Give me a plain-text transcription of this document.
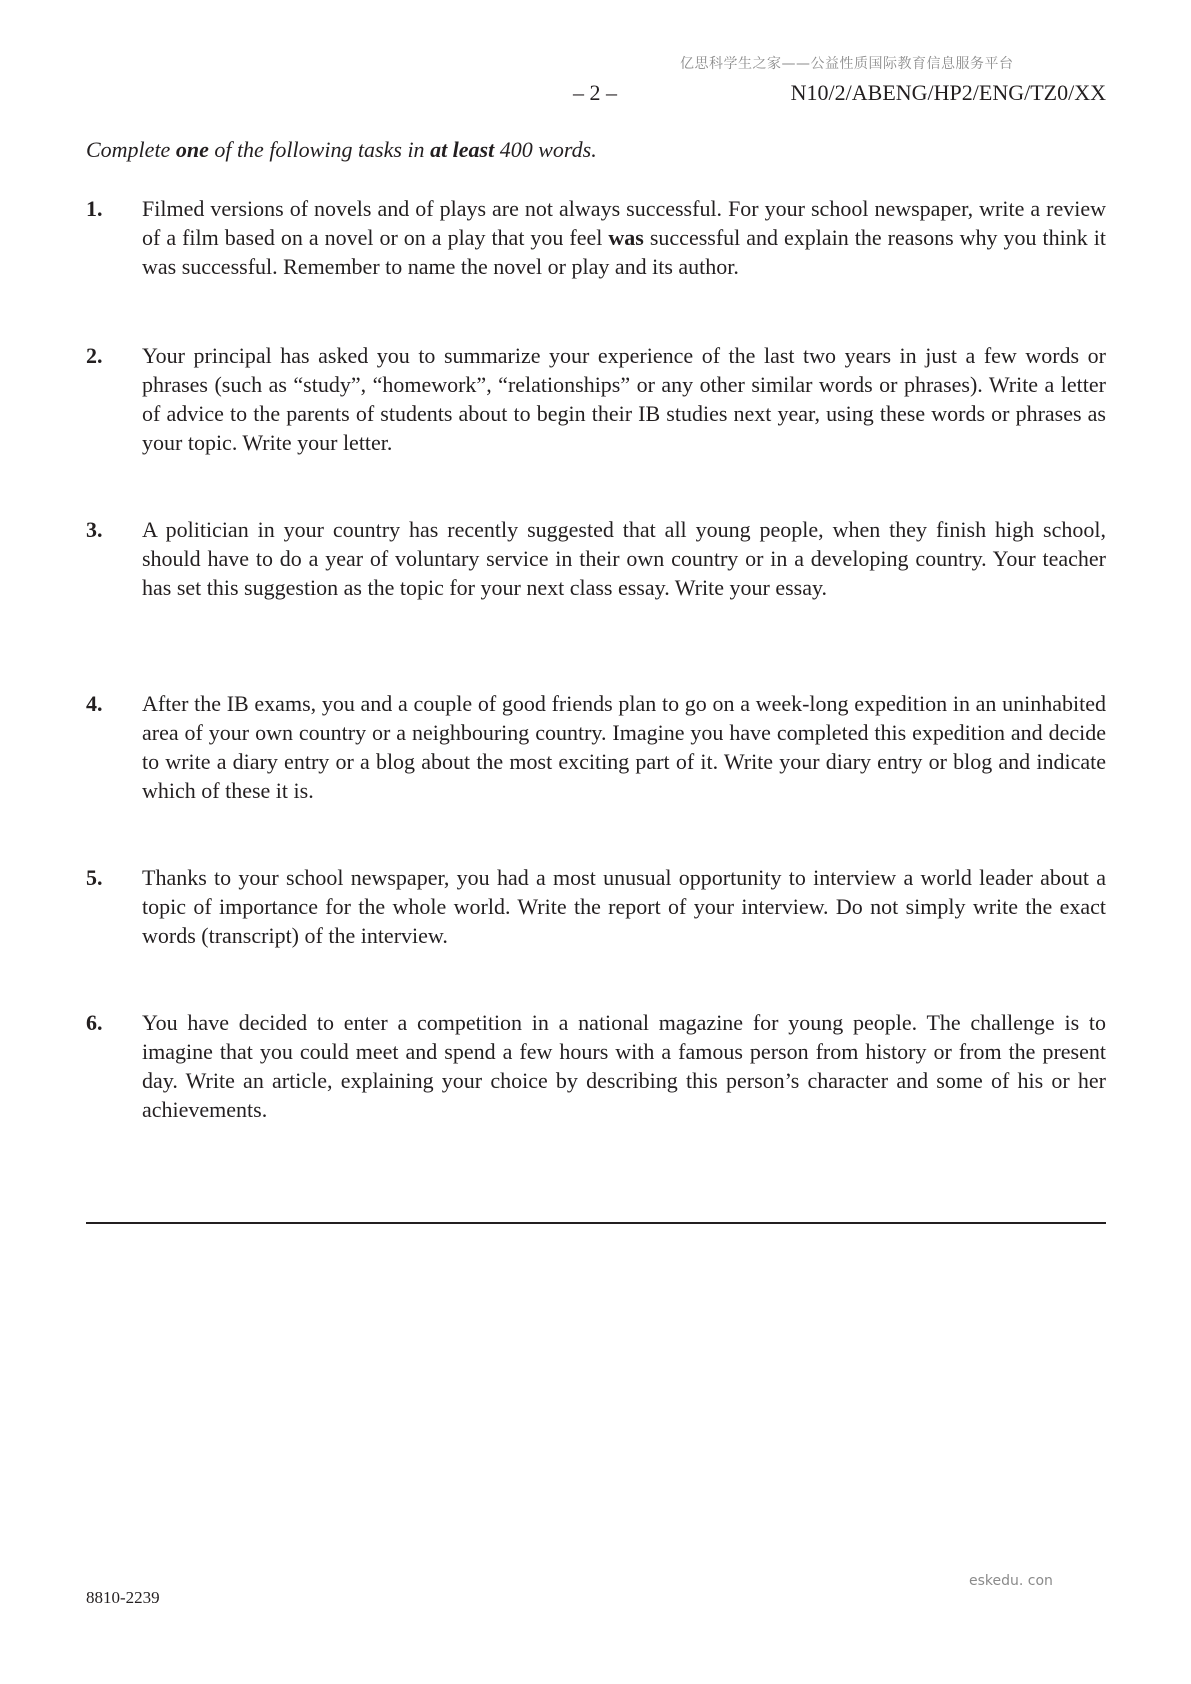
亿思科学生之家——公益性质国际教育信息服务平台
– 2 –	N10/2/ABENG/HP2/ENG/TZ0/XX
Complete one of the following tasks in at least 400 words.
1. Filmed versions of novels and of plays are not always successful. For your school newspaper, write a review of a film based on a novel or on a play that you feel was successful and explain the reasons why you think it was successful. Remember to name the novel or play and its author.
2. Your principal has asked you to summarize your experience of the last two years in just a few words or phrases (such as “study”, “homework”, “relationships” or any other similar words or phrases). Write a letter of advice to the parents of students about to begin their IB studies next year, using these words or phrases as your topic. Write your letter.
3. A politician in your country has recently suggested that all young people, when they finish high school, should have to do a year of voluntary service in their own country or in a developing country. Your teacher has set this suggestion as the topic for your next class essay. Write your essay.
4. After the IB exams, you and a couple of good friends plan to go on a week-long expedition in an uninhabited area of your own country or a neighbouring country. Imagine you have completed this expedition and decide to write a diary entry or a blog about the most exciting part of it. Write your diary entry or blog and indicate which of these it is.
5. Thanks to your school newspaper, you had a most unusual opportunity to interview a world leader about a topic of importance for the whole world. Write the report of your interview. Do not simply write the exact words (transcript) of the interview.
6. You have decided to enter a competition in a national magazine for young people. The challenge is to imagine that you could meet and spend a few hours with a famous person from history or from the present day. Write an article, explaining your choice by describing this person’s character and some of his or her achievements.
8810-2239
eskedu. con
